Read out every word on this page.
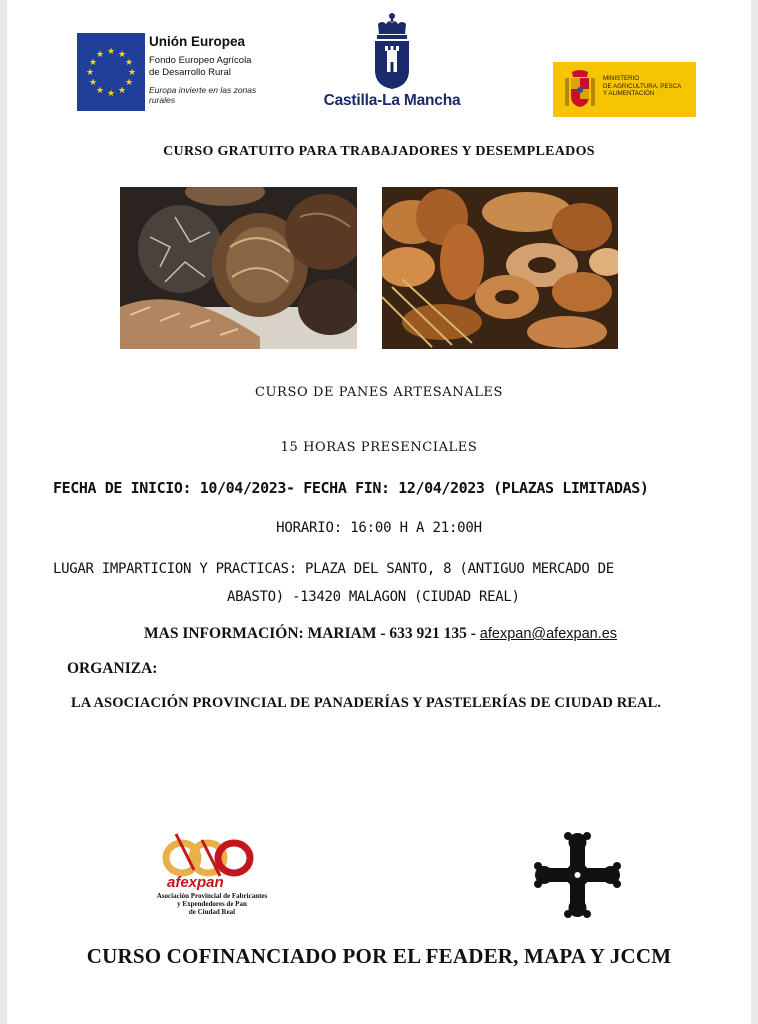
★ ★
★
★
★
★
★
★
★
★
★
★
Unión Europea
Fondo Europeo Agrícola
de Desarrollo Rural
Europa invierte en las zonas rurales	Castilla-La Mancha
MINISTERIO
DE AGRICULTURA, PESCA
Y ALIMENTACIÓN
CURSO GRATUITO PARA TRABAJADORES Y DESEMPLEADOS
CURSO DE PANES ARTESANALES
15 HORAS PRESENCIALES
FECHA DE INICIO: 10/04/2023- FECHA FIN: 12/04/2023 (PLAZAS LIMITADAS)
HORARIO: 16:00 H A 21:00H
LUGAR IMPARTICION Y PRACTICAS: PLAZA DEL SANTO, 8 (ANTIGUO MERCADO DE
ABASTO) -13420 MALAGON (CIUDAD REAL)
MAS INFORMACIÓN: MARIAM - 633 921 135 - afexpan@afexpan.es
ORGANIZA:
LA ASOCIACIÓN PROVINCIAL DE PANADERÍAS Y PASTELERÍAS DE CIUDAD REAL.
afexpan
Asociación Provincial de Fabricantes
y Expendedores de Pan
de Ciudad Real
CURSO COFINANCIADO POR EL FEADER, MAPA Y JCCM
